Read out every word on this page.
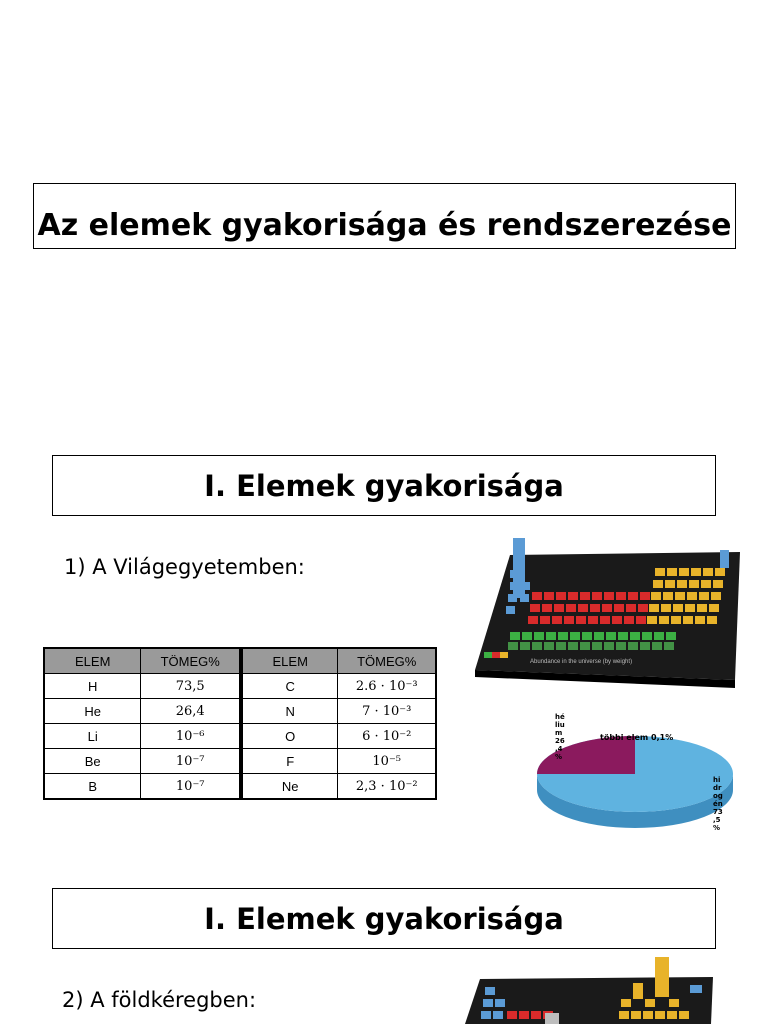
Az elemek gyakorisága és rendszerezése
I. Elemek gyakorisága
1) A Világegyetemben:
ELEM	TÖMEG%
H	73,5
He	26,4
Li	10⁻⁶
Be	10⁻⁷
B	10⁻⁷
ELEM	TÖMEG%
C	2.6 · 10⁻³
N	7 · 10⁻³
O	6 · 10⁻²
F	10⁻⁵
Ne	2,3 · 10⁻²
Abundance in the universe (by weight)
többi elem 0,1%
hé liu m 26 ,4 %
hi dr og én 73 ,5 %
I. Elemek gyakorisága
2) A földkéregben:
